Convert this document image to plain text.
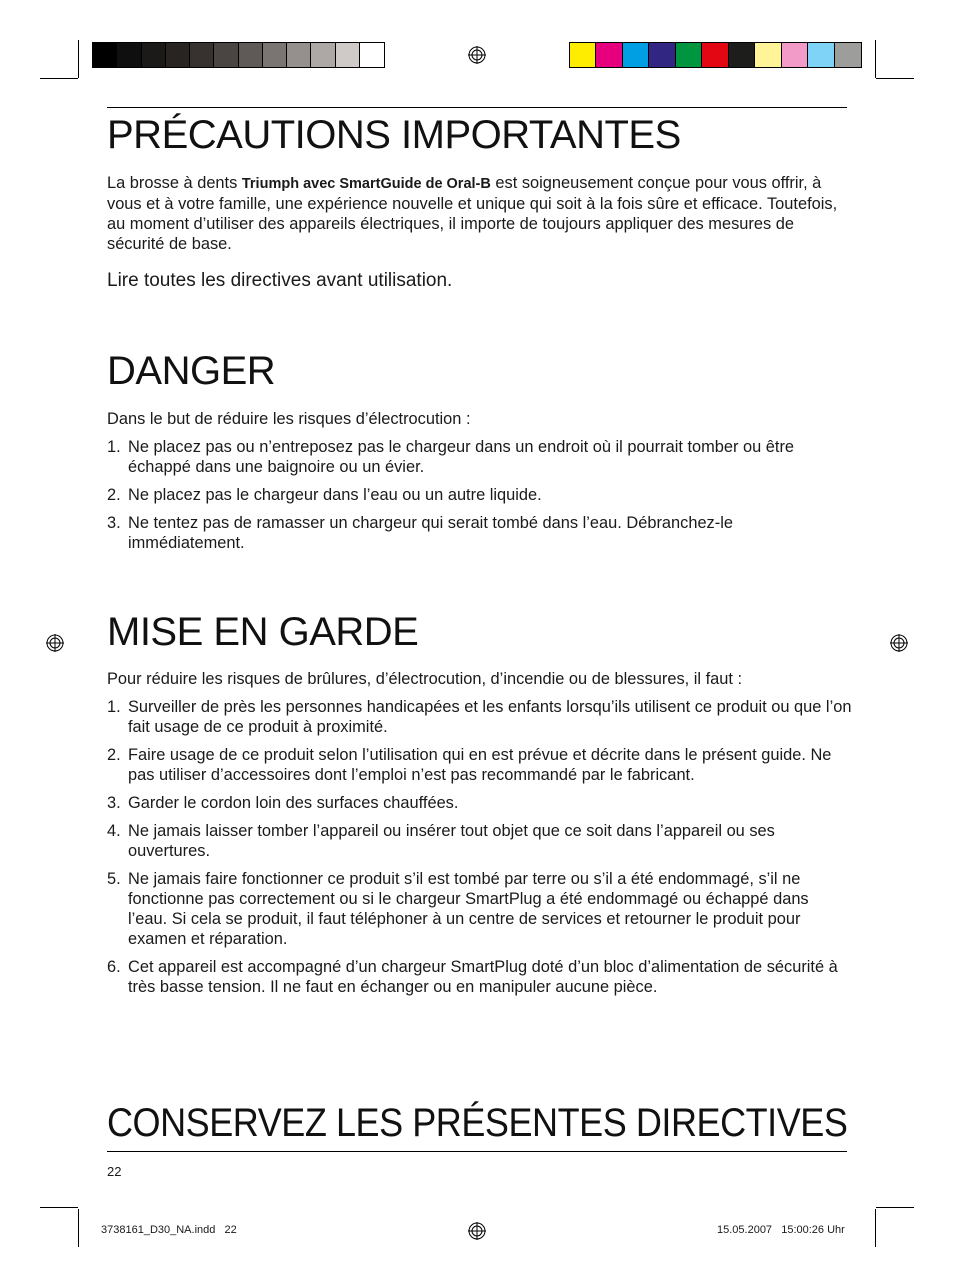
PRÉCAUTIONS IMPORTANTES

La brosse à dents Triumph avec SmartGuide de Oral-B est soigneusement conçue pour vous offrir, à vous et à votre famille, une expérience nouvelle et unique qui soit à la fois sûre et efficace. Toutefois, au moment d’utiliser des appareils électriques, il importe de toujours appliquer des mesures de sécurité de base.

Lire toutes les directives avant utilisation.

DANGER

Dans le but de réduire les risques d’électrocution :

1. Ne placez pas ou n’entreposez pas le chargeur dans un endroit où il pourrait tomber ou être échappé dans une baignoire ou un évier.
2. Ne placez pas le chargeur dans l’eau ou un autre liquide.
3. Ne tentez pas de ramasser un chargeur qui serait tombé dans l’eau. Débranchez-le immédiatement.
MISE EN GARDE

Pour réduire les risques de brûlures, d’électrocution, d’incendie ou de blessures, il faut :

1. Surveiller de près les personnes handicapées et les enfants lorsqu’ils utilisent ce produit ou que l’on fait usage de ce produit à proximité.
2. Faire usage de ce produit selon l’utilisation qui en est prévue et décrite dans le présent guide. Ne pas utiliser d’accessoires dont l’emploi n’est pas recommandé par le fabricant.
3. Garder le cordon loin des surfaces chauffées.
4. Ne jamais laisser tomber l’appareil ou insérer tout objet que ce soit dans l’appareil ou ses ouvertures.
5. Ne jamais faire fonctionner ce produit s’il est tombé par terre ou s’il a été endommagé, s’il ne fonctionne pas correctement ou si le chargeur SmartPlug a été endommagé ou échappé dans l’eau. Si cela se produit, il faut téléphoner à un centre de services et retourner le produit pour examen et réparation.
6. Cet appareil est accompagné d’un chargeur SmartPlug doté d’un bloc d’alimentation de sécurité à très basse tension. Il ne faut en échanger ou en manipuler aucune pièce.
CONSERVEZ LES PRÉSENTES DIRECTIVES
22
3738161_D30_NA.indd   22	15.05.2007   15:00:26 Uhr
